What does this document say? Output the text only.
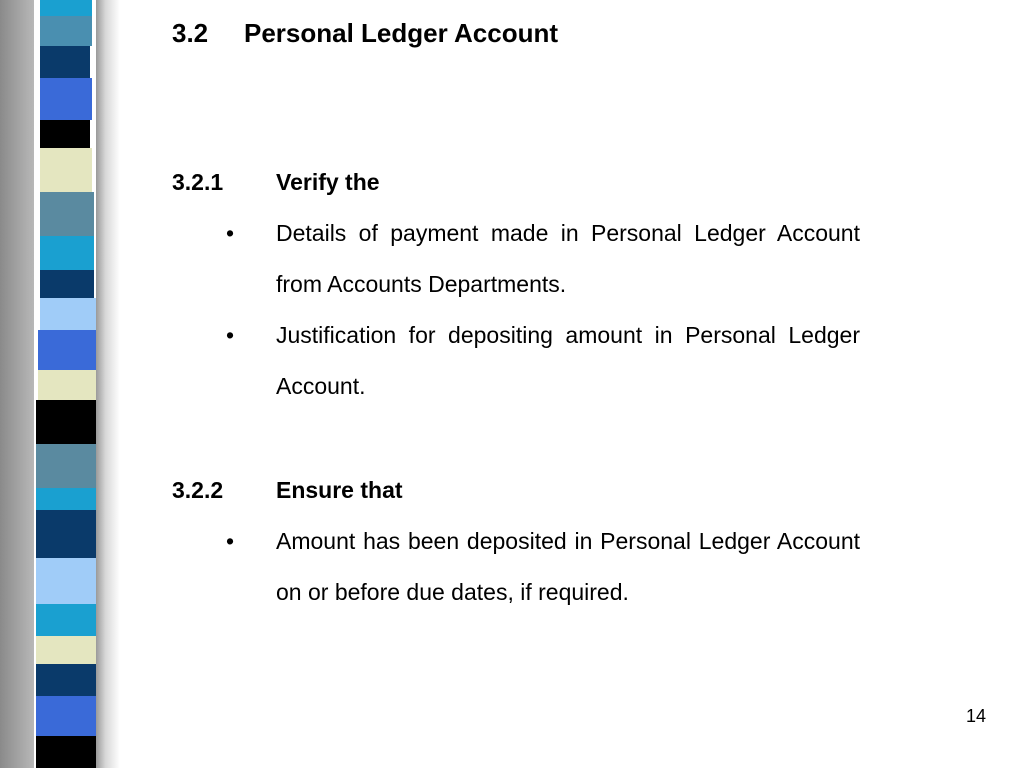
3.2 Personal Ledger Account
3.2.1 Verify the
•	Details of payment made in Personal Ledger Account from Accounts Departments.
•	Justification for depositing amount in Personal Ledger Account.
3.2.2 Ensure that
•	Amount has been deposited in Personal Ledger Account on or before due dates, if required.
14
